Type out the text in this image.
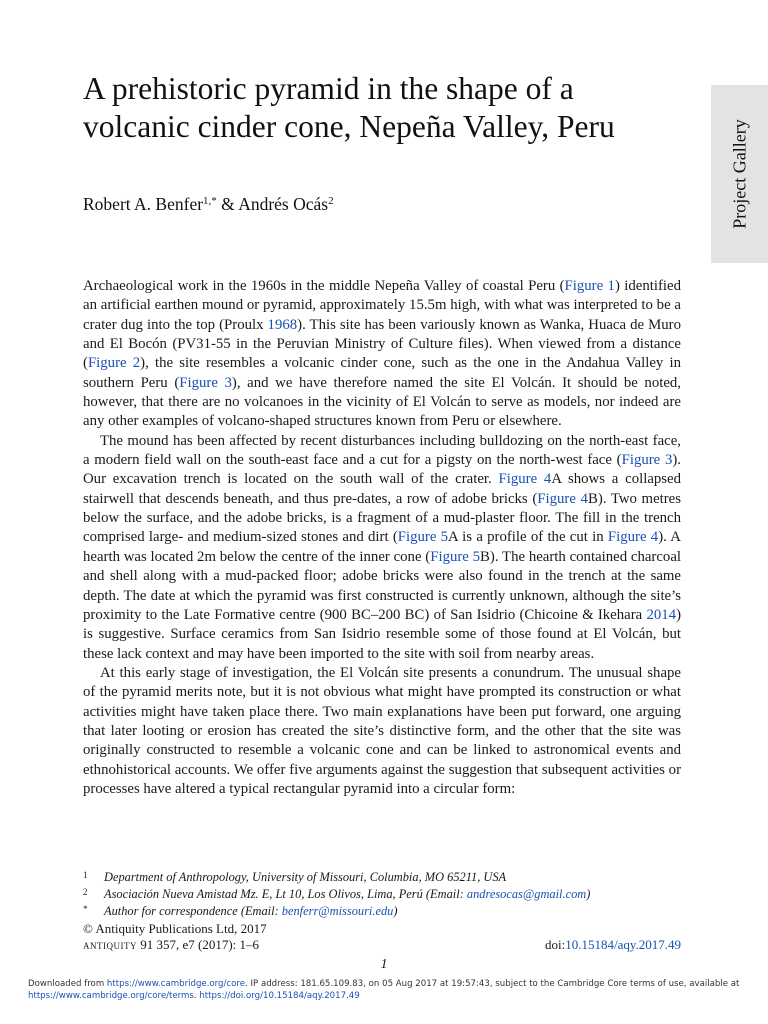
A prehistoric pyramid in the shape of a volcanic cinder cone, Nepeña Valley, Peru
Robert A. Benfer$^{1,*}$ & Andrés Ocás$^2$	Project Gallery

Archaeological work in the 1960s in the middle Nepeña Valley of coastal Peru (Figure 1) identified an artificial earthen mound or pyramid, approximately 15.5m high, with what was interpreted to be a crater dug into the top (Proulx 1968). This site has been variously known as Wanka, Huaca de Muro and El Bocón (PV31-55 in the Peruvian Ministry of Culture files). When viewed from a distance (Figure 2), the site resembles a volcanic cinder cone, such as the one in the Andahua Valley in southern Peru (Figure 3), and we have therefore named the site El Volcán. It should be noted, however, that there are no volcanoes in the vicinity of El Volcán to serve as models, nor indeed are any other examples of volcano-shaped structures known from Peru or elsewhere.

The mound has been affected by recent disturbances including bulldozing on the north-east face, a modern field wall on the south-east face and a cut for a pigsty on the north-west face (Figure 3). Our excavation trench is located on the south wall of the crater. Figure 4A shows a collapsed stairwell that descends beneath, and thus pre-dates, a row of adobe bricks (Figure 4B). Two metres below the surface, and the adobe bricks, is a fragment of a mud-plaster floor. The fill in the trench comprised large- and medium-sized stones and dirt (Figure 5A is a profile of the cut in Figure 4). A hearth was located 2m below the centre of the inner cone (Figure 5B). The hearth contained charcoal and shell along with a mud-packed floor; adobe bricks were also found in the trench at the same depth. The date at which the pyramid was first constructed is currently unknown, although the site’s proximity to the Late Formative centre (900 BC–200 BC) of San Isidrio (Chicoine & Ikehara 2014) is suggestive. Surface ceramics from San Isidrio resemble some of those found at El Volcán, but these lack context and may have been imported to the site with soil from nearby areas.

At this early stage of investigation, the El Volcán site presents a conundrum. The unusual shape of the pyramid merits note, but it is not obvious what might have prompted its construction or what activities might have taken place there. Two main explanations have been put forward, one arguing that later looting or erosion has created the site’s distinctive form, and the other that the site was originally constructed to resemble a volcanic cone and can be linked to astronomical events and ethnohistorical accounts. We offer five arguments against the suggestion that subsequent activities or processes have altered a typical rectangular pyramid into a circular form:

1 Department of Anthropology, University of Missouri, Columbia, MO 65211, USA
2 Asociación Nueva Amistad Mz. E, Lt 10, Los Olivos, Lima, Perú (Email: andresocas@gmail.com)
* Author for correspondence (Email: benferr@missouri.edu)
© Antiquity Publications Ltd, 2017
antiquity 91 357, e7 (2017): 1–6	doi:10.15184/aqy.2017.49
1
Downloaded from https://www.cambridge.org/core. IP address: 181.65.109.83, on 05 Aug 2017 at 19:57:43, subject to the Cambridge Core terms of use, available at https://www.cambridge.org/core/terms. https://doi.org/10.15184/aqy.2017.49
